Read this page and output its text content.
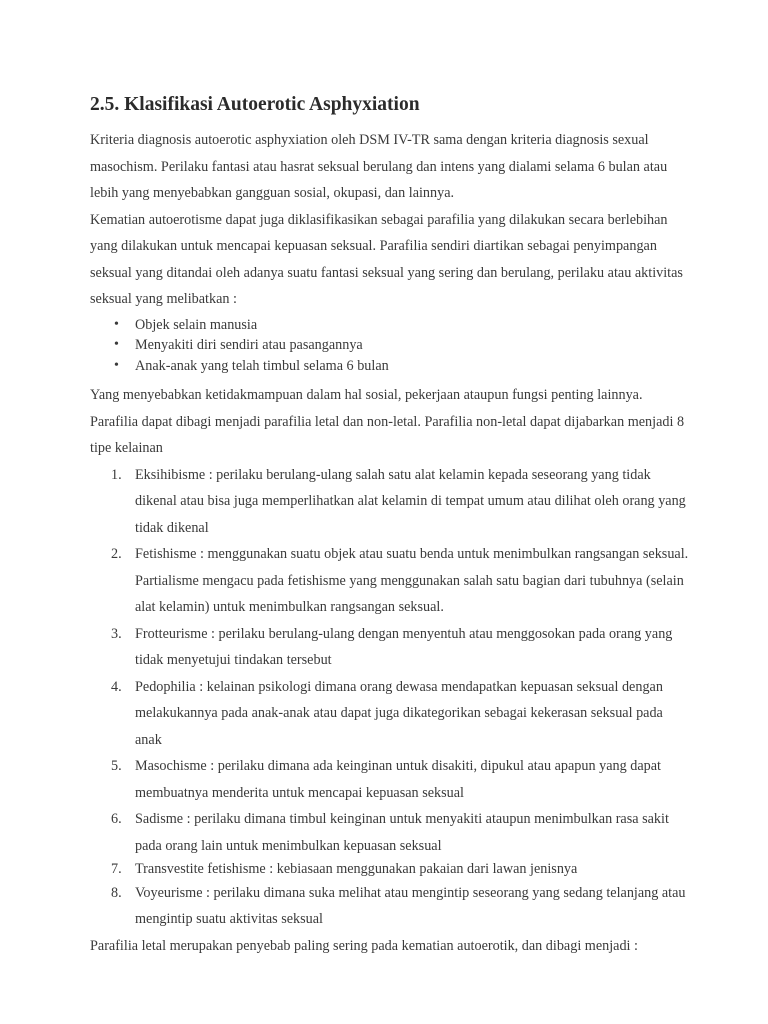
2.5. Klasifikasi Autoerotic Asphyxiation

Kriteria diagnosis autoerotic asphyxiation oleh DSM IV-TR sama dengan kriteria diagnosis sexual masochism. Perilaku fantasi atau hasrat seksual berulang dan intens yang dialami selama 6 bulan atau lebih yang menyebabkan gangguan sosial, okupasi, dan lainnya.

Kematian autoerotisme dapat juga diklasifikasikan sebagai parafilia yang dilakukan secara berlebihan yang dilakukan untuk mencapai kepuasan seksual. Parafilia sendiri diartikan sebagai penyimpangan seksual yang ditandai oleh adanya suatu fantasi seksual yang sering dan berulang, perilaku atau aktivitas seksual yang melibatkan :

• Objek selain manusia
• Menyakiti diri sendiri atau pasangannya
• Anak-anak yang telah timbul selama 6 bulan

Yang menyebabkan ketidakmampuan dalam hal sosial, pekerjaan ataupun fungsi penting lainnya. Parafilia dapat dibagi menjadi parafilia letal dan non-letal. Parafilia non-letal dapat dijabarkan menjadi 8 tipe kelainan

1. Eksihibisme : perilaku berulang-ulang salah satu alat kelamin kepada seseorang yang tidak dikenal atau bisa juga memperlihatkan alat kelamin di tempat umum atau dilihat oleh orang yang tidak dikenal
2. Fetishisme : menggunakan suatu objek atau suatu benda untuk menimbulkan rangsangan seksual. Partialisme mengacu pada fetishisme yang menggunakan salah satu bagian dari tubuhnya (selain alat kelamin) untuk menimbulkan rangsangan seksual.
3. Frotteurisme : perilaku berulang-ulang dengan menyentuh atau menggosokan pada orang yang tidak menyetujui tindakan tersebut
4. Pedophilia : kelainan psikologi dimana orang dewasa mendapatkan kepuasan seksual dengan melakukannya pada anak-anak atau dapat juga dikategorikan sebagai kekerasan seksual pada anak
5. Masochisme : perilaku dimana ada keinginan untuk disakiti, dipukul atau apapun yang dapat membuatnya menderita untuk mencapai kepuasan seksual
6. Sadisme : perilaku dimana timbul keinginan untuk menyakiti ataupun menimbulkan rasa sakit pada orang lain untuk menimbulkan kepuasan seksual
7. Transvestite fetishisme : kebiasaan menggunakan pakaian dari lawan jenisnya
8. Voyeurisme : perilaku dimana suka melihat atau mengintip seseorang yang sedang telanjang atau mengintip suatu aktivitas seksual

Parafilia letal merupakan penyebab paling sering pada kematian autoerotik, dan dibagi menjadi :
